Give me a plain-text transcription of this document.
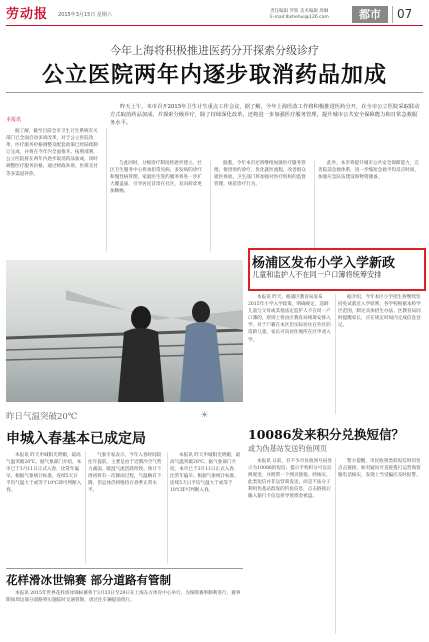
劳动报	2015年3月15日 星期六
责任编辑 罗辉 美术编辑 周琳
E-mail:lbshehui@126.com	都市	07
今年上海将积极推进医药分开探索分级诊疗
公立医院两年内逐步取消药品加成
昨天上午，本市召开2015年卫生计生重点工作会议，据了解，今年上海医改工作将积极推进医药分开，在全市公立医院采取联动方式取消药品加成，并探索分级诊疗，除了持续深化改革，还将进一步加强医疗服务管理，提升城市公共安全保障能力和日常急救服务水平。
本报讯
据了解，截至目前全市卫生计生系统有关部门已全面启动多项改革，对于公立医院改革，医疗服务价格调整及配套政策已经陆续制订完成，并将在今年内全面推开。按照部署，公立医院将在两年内逐步取消药品加成，同时调整医疗服务价格，通过财政补助、医保支付等多渠道补偿。
与此同时，分级诊疗制度将逐步建立。社区卫生服务中心将承担常见病、多发病的诊疗和慢性病管理，家庭医生签约服务将进一步扩大覆盖面，引导居民首诊在社区，双向转诊更加顺畅。
据悉，今年本市还将继续加强医疗服务管理，推进预约诊疗，优化就医流程，改善群众就医体验。卫生部门将加强对医疗机构的监督管理，规范诊疗行为。
此外，本市将提升城市公共安全保障能力，完善院前急救体系，进一步缩短急救平均反应时间，加强应急队伍建设和物资储备。
杨浦区发布小学入学新政
儿童和监护人不在同一户口簿将统筹安排
本报讯 昨天，杨浦区教育局发布2015年小学入学政策，明确规定，适龄儿童与父母或其他法定监护人不在同一户口簿的，原则上将由区教育局统筹安排入学。对于户籍在本区但实际居住在外区的适龄儿童，家长可向居住地所在区申请入学。
据介绍，今年本区小学招生将继续坚持免试就近入学原则，各学校根据本校学区范围，制定具体招生办法。区教育局同时提醒家长，应在规定时间内完成信息登记。
昨日气温突破20℃	☀
申城入春基本已成定局
本报讯 昨天申城阳光明媚，最高气温突破20℃。据气象部门介绍，本市已于3月11日正式入春，比常年偏早。根据气象统计标准，连续5天日平均气温大于或等于10℃即可判断入春。
气象专家表示，今年入春时间较往年提前，主要是由于近期冷空气势力减弱，暖湿气流活跃所致。预计下周初将有一次降雨过程，气温略有下降，但总体仍将维持在春季正常水平。
本报讯 昨天申城阳光明媚，最高气温突破20℃。据气象部门介绍，本市已于3月11日正式入春，比常年偏早。根据气象统计标准，连续5天日平均气温大于或等于10℃即可判断入春。
10086发来积分兑换短信？
或为伪基站发送钓鱼网页
本报讯 日前，有不少市民收到号码显示为10086的短信，提示手机积分可以兑换现金，并附带一个网页链接。经核实，此类短信并非运营商发送，而是不法分子利用伪基站群发的钓鱼信息，点击链接后输入银行卡信息将导致资金被盗。
警方提醒，市民收到类似短信时切勿点击链接，如有疑问可直接拨打运营商客服电话核实，发现上当受骗应及时报警。
花样滑冰世锦赛 部分道路有管制
本报讯 2015年世界花样滑冰锦标赛将于3月23日至29日在上海东方体育中心举行。为保障赛事顺利进行，赛事期间周边部分道路将实施临时交通管制，请过往车辆提前绕行。
